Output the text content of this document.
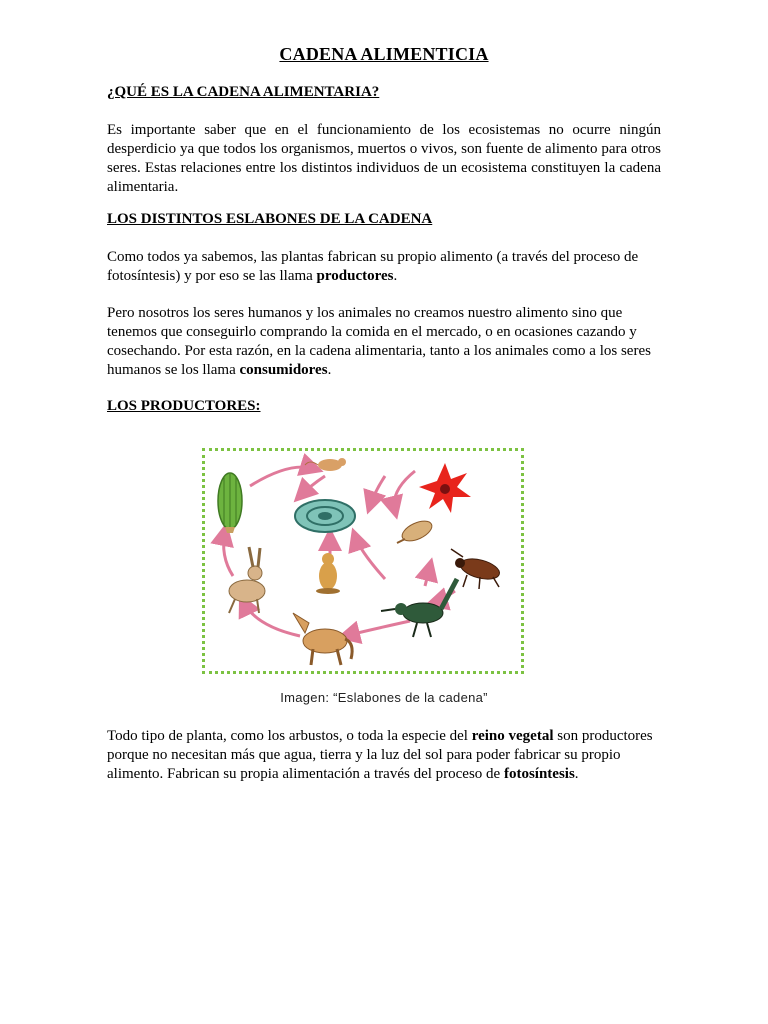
CADENA ALIMENTICIA
¿QUÉ ES LA CADENA ALIMENTARIA?

Es importante saber que en el funcionamiento de los ecosistemas no ocurre ningún desperdicio ya que todos los organismos, muertos o vivos, son fuente de alimento para otros seres. Estas relaciones entre los distintos individuos de un ecosistema constituyen la cadena alimentaria.

LOS DISTINTOS ESLABONES DE LA CADENA

Como todos ya sabemos, las plantas fabrican su propio alimento (a través del proceso de fotosíntesis) y por eso se las llama productores.

Pero nosotros los seres humanos y los animales no creamos nuestro alimento sino que tenemos que conseguirlo comprando la comida en el mercado, o en ocasiones cazando y cosechando. Por esta razón, en la cadena alimentaria, tanto a los animales como a los seres humanos se los llama consumidores.

LOS PRODUCTORES:
Imagen: “Eslabones de la cadena”

Todo tipo de planta, como los arbustos, o toda la especie del reino vegetal son productores porque no necesitan más que agua, tierra y la luz del sol para poder fabricar su propio alimento. Fabrican su propia alimentación a través del proceso de fotosíntesis.
